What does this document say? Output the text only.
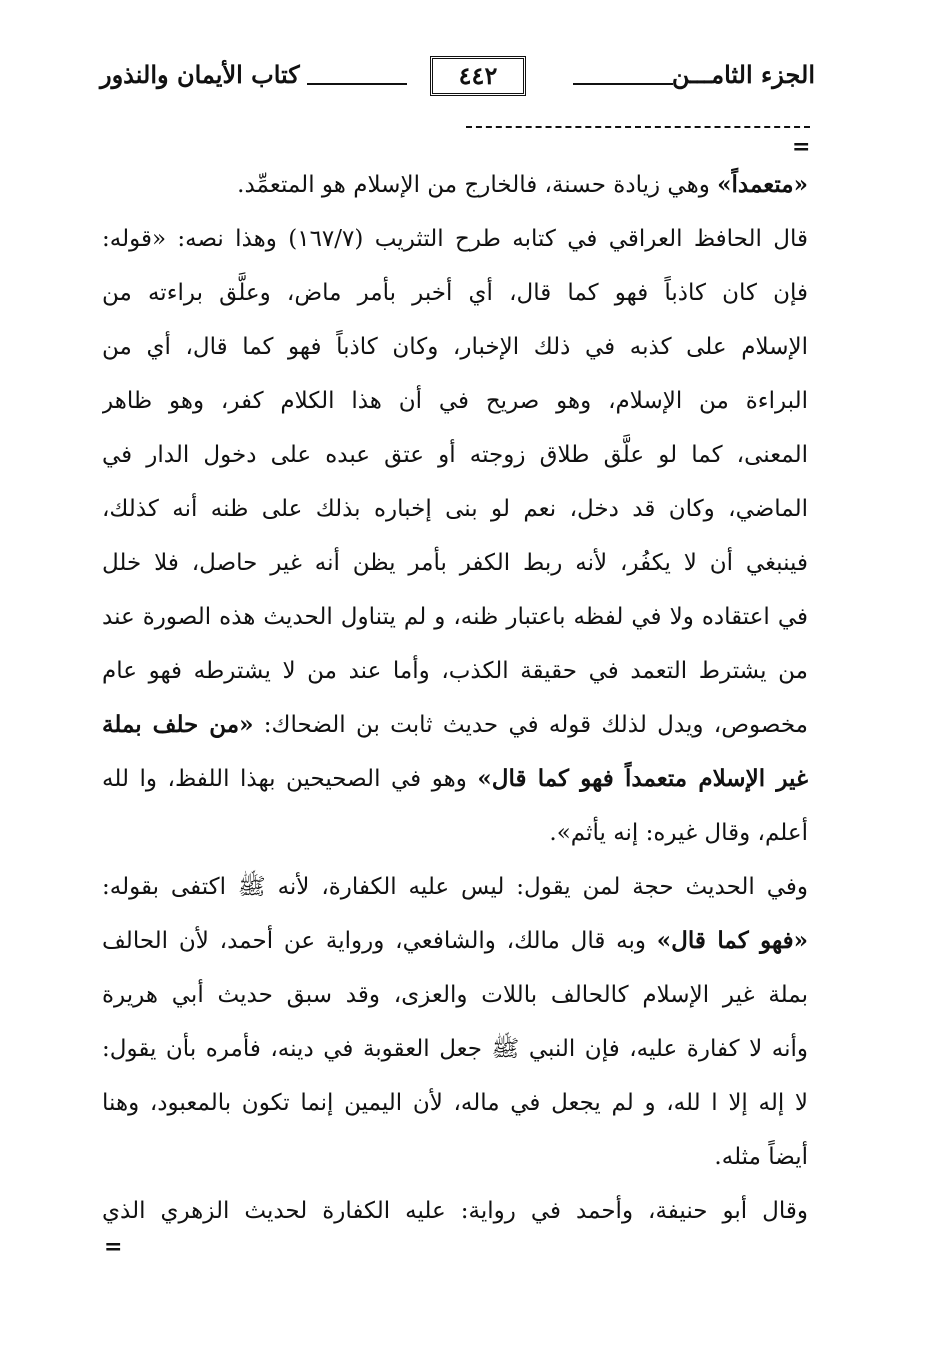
الجزء الثامـــن
٤٤٢
كتاب الأيمان والنذور
=
«متعمداً» وهي زيادة حسنة، فالخارج من الإسلام هو المتعمِّد.
قال الحافظ العراقي في كتابه طرح التثريب (١٦٧/٧) وهذا نصه: «قوله:
فإن كان كاذباً فهو كما قال، أي أخبر بأمر ماض، وعلَّق براءته من
الإسلام على كذبه في ذلك الإخبار، وكان كاذباً فهو كما قال، أي من
البراءة من الإسلام، وهو صريح في أن هذا الكلام كفر، وهو ظاهر
المعنى، كما لو علَّق طلاق زوجته أو عتق عبده على دخول الدار في
الماضي، وكان قد دخل، نعم لو بنى إخباره بذلك على ظنه أنه كذلك،
فينبغي أن لا يكفُر، لأنه ربط الكفر بأمر يظن أنه غير حاصل، فلا خلل
في اعتقاده ولا في لفظه باعتبار ظنه، و لم يتناول الحديث هذه الصورة عند
من يشترط التعمد في حقيقة الكذب، وأما عند من لا يشترطه فهو عام
مخصوص، ويدل لذلك قوله في حديث ثابت بن الضحاك: «من حلف بملة
غير الإسلام متعمداً فهو كما قال» وهو في الصحيحين بهذا اللفظ، وا لله
أعلم، وقال غيره: إنه يأثم».
وفي الحديث حجة لمن يقول: ليس عليه الكفارة، لأنه ﷺ اكتفى بقوله:
«فهو كما قال» وبه قال مالك، والشافعي، ورواية عن أحمد، لأن الحالف
بملة غير الإسلام كالحالف باللات والعزى، وقد سبق حديث أبي هريرة
وأنه لا كفارة عليه، فإن النبي ﷺ جعل العقوبة في دينه، فأمره بأن يقول:
لا إله إلا ا لله، و لم يجعل في ماله، لأن اليمين إنما تكون بالمعبود، وهنا
أيضاً مثله.
وقال أبو حنيفة، وأحمد في رواية: عليه الكفارة لحديث الزهري الذي
=
